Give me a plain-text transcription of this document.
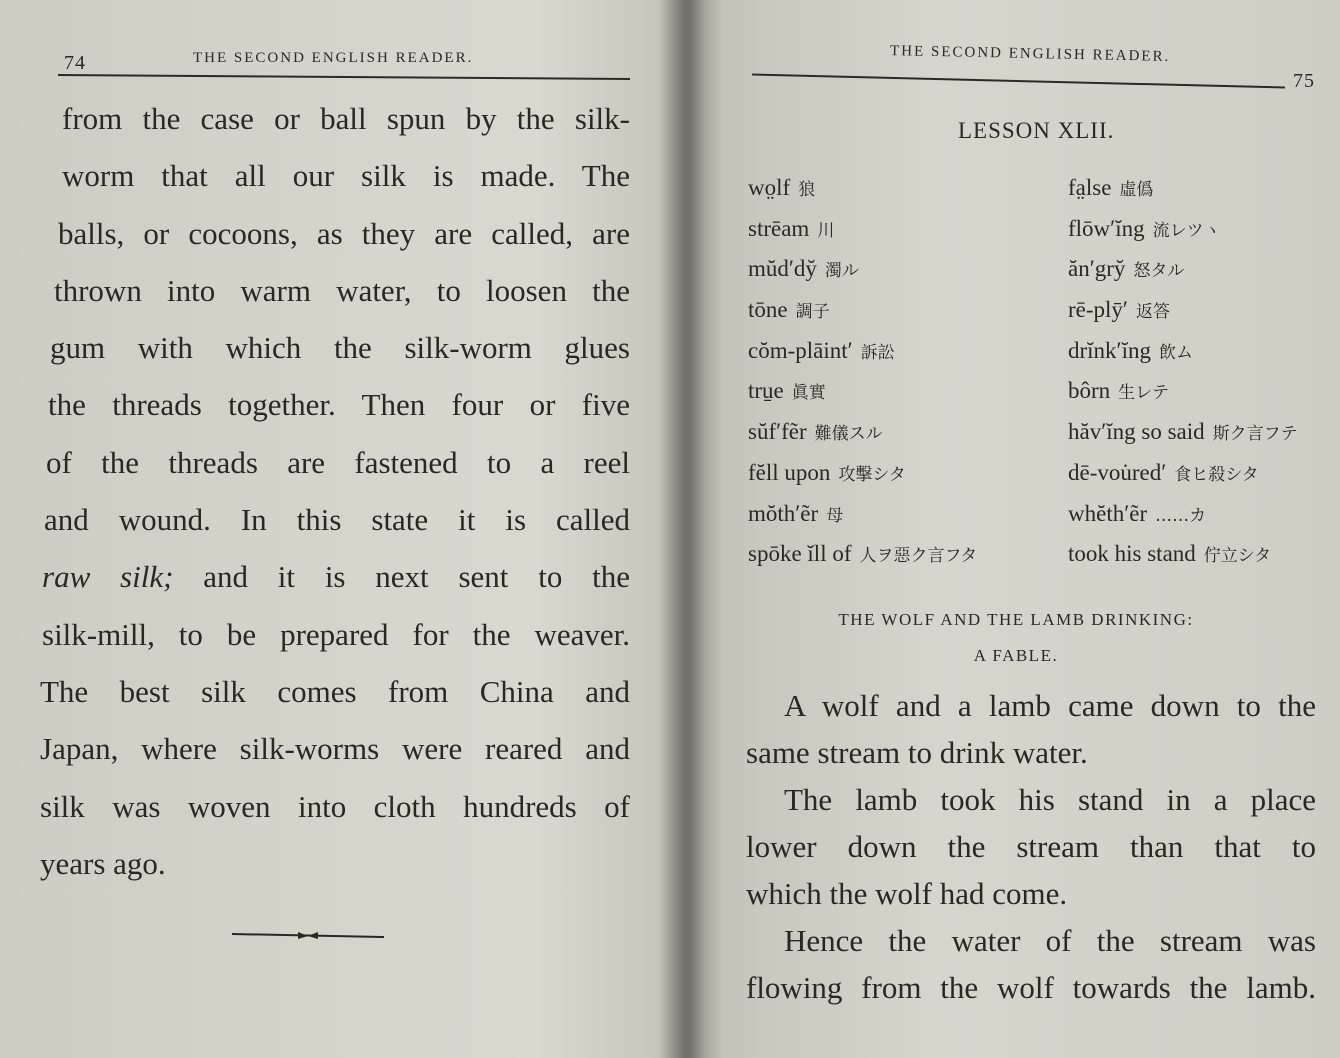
74	THE SECOND ENGLISH READER.
from the case or ball spun by the silk-
worm that all our silk is made. The
balls, or cocoons, as they are called, are
thrown into warm water, to loosen the
gum with which the silk-worm glues
the threads together. Then four or five
of the threads are fastened to a reel
and wound. In this state it is called
raw silk; and it is next sent to the
silk-mill, to be prepared for the weaver.
The best silk comes from China and
Japan, where silk-worms were reared and
silk was woven into cloth hundreds of
years ago.
THE SECOND ENGLISH READER.
75
LESSON XLII.
wo̤lf 狼
strēam 川
mŭd′dy̆ 濁ル
tōne 調子
cŏm-plāint′ 訴訟
tru̱e 眞實
sŭf′fẽr 難儀スル
fĕll upon 攻擊シタ
mŏth′ẽr 母
spōke ĭll of 人ヲ惡ク言フタ
fa̤lse 虛僞
flōw′ĭng 流レツヽ
ăn′gry̆ 怒タル
rē-plȳ′ 返答
drĭnk′ĭng 飲ム
bôrn 生レテ
hăv′ĭng so said 斯ク言フテ
dē-vou̇red′ 食ヒ殺シタ
whĕth′ẽr ……カ
took his stand 佇立シタ
THE WOLF AND THE LAMB DRINKING:
A FABLE.
A wolf and a lamb came down to the
same stream to drink water.
The lamb took his stand in a place
lower down the stream than that to
which the wolf had come.
Hence the water of the stream was
flowing from the wolf towards the lamb.
